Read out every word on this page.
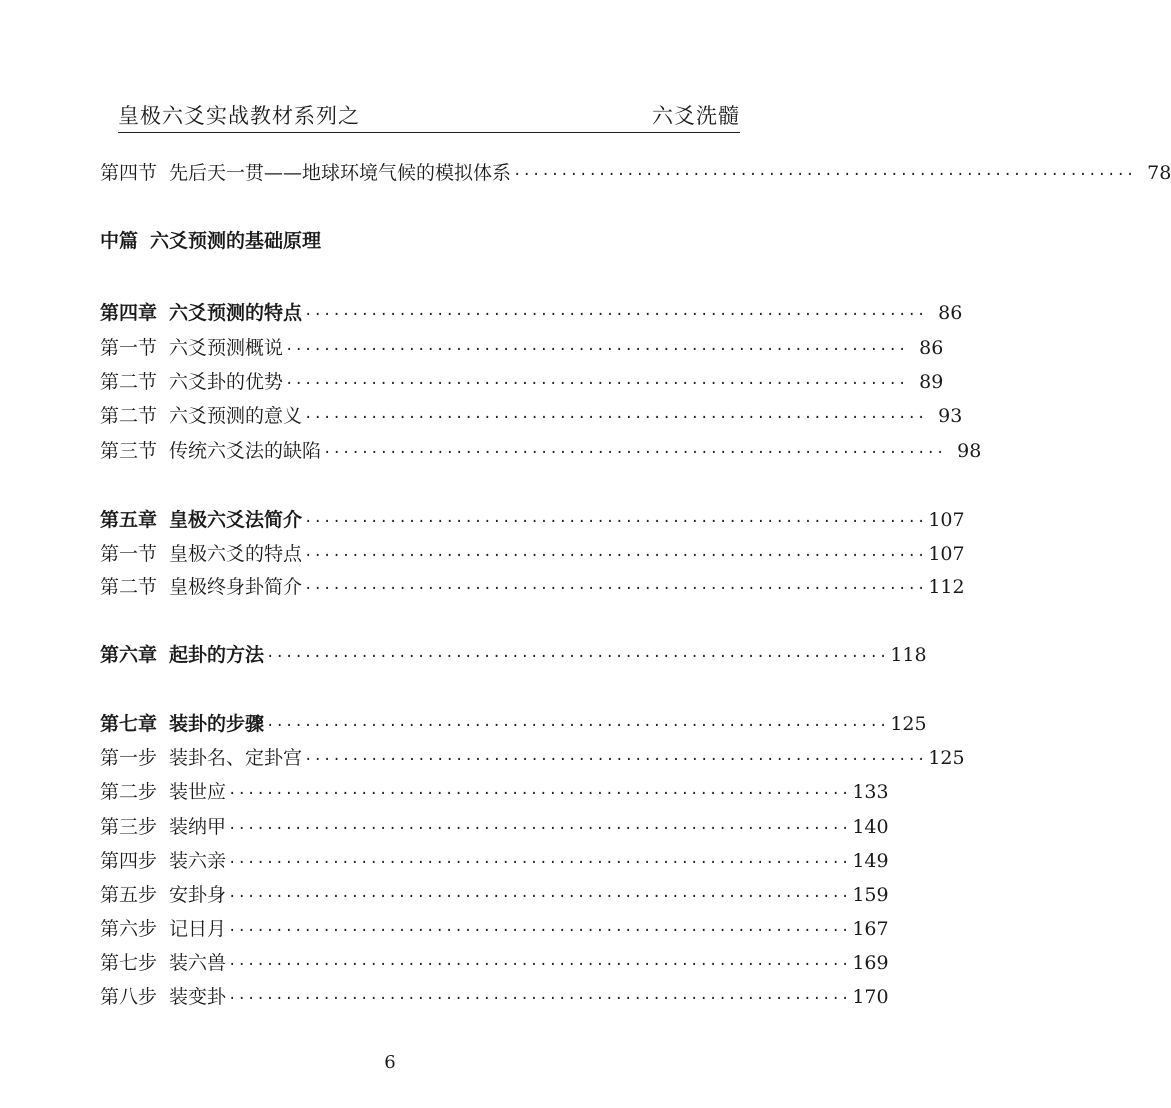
皇极六爻实战教材系列之	六爻洗髓
第四节 先后天一贯——地球环境气候的模拟体系 ·································································· 78
中篇 六爻预测的基础原理
第四章 六爻预测的特点 ·································································· 86
第一节 六爻预测概说 ·································································· 86
第二节 六爻卦的优势 ·································································· 89
第二节 六爻预测的意义 ·································································· 93
第三节 传统六爻法的缺陷 ·································································· 98
第五章 皇极六爻法简介 ·································································· 107
第一节 皇极六爻的特点 ·································································· 107
第二节 皇极终身卦简介 ·································································· 112
第六章 起卦的方法 ·································································· 118
第七章 装卦的步骤 ·································································· 125
第一步 装卦名、定卦宫 ·································································· 125
第二步 装世应 ·································································· 133
第三步 装纳甲 ·································································· 140
第四步 装六亲 ·································································· 149
第五步 安卦身 ·································································· 159
第六步 记日月 ·································································· 167
第七步 装六兽 ·································································· 169
第八步 装变卦 ·································································· 170
6
